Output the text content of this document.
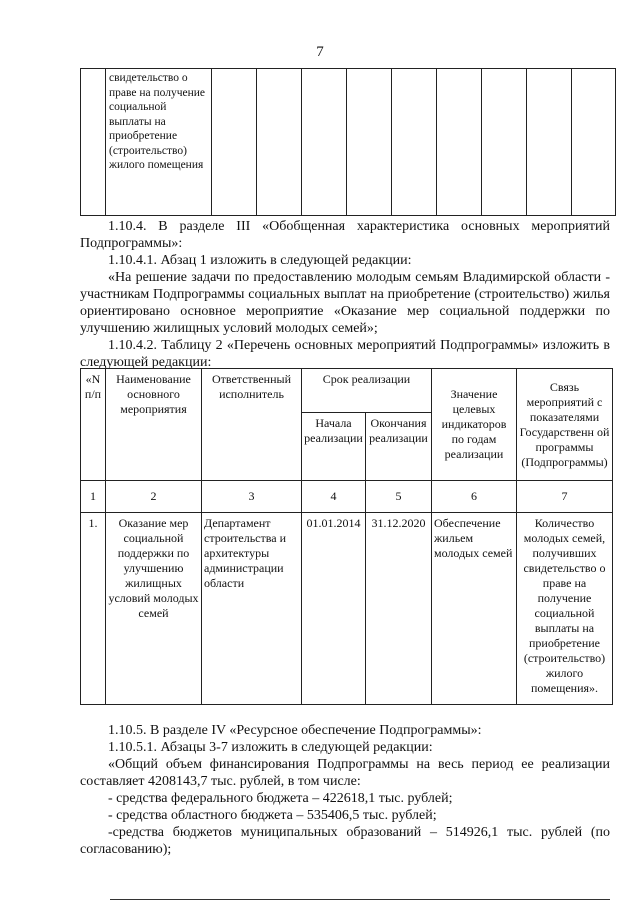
7

свидетельство о праве на получение социальной выплаты на приобретение (строительство) жилого помещения

1.10.4. В разделе III «Обобщенная характеристика основных мероприятий Подпрограммы»:

1.10.4.1. Абзац 1 изложить в следующей редакции:

«На решение задачи по предоставлению молодым семьям Владимирской области - участникам Подпрограммы социальных выплат на приобретение (строительство) жилья ориентировано основное мероприятие «Оказание мер социальной поддержки по улучшению жилищных условий молодых семей»;

1.10.4.2. Таблицу 2 «Перечень основных мероприятий Подпрограммы» изложить в следующей редакции:

«N п/п	Наименование основного мероприятия	Ответственный исполнитель	Срок реализации		Значение целевых индикаторов по годам реализации	Связь мероприятий с показателями Государственн ой программы (Подпрограммы)
			Начала реализации	Окончания реализации		
1	2	3	4	5	6	7
1.	Оказание мер социальной поддержки по улучшению жилищных условий молодых семей	Департамент строительства и архитектуры администрации области	01.01.2014	31.12.2020	Обеспечение жильем молодых семей	Количество молодых семей, получивших свидетельство о праве на получение социальной выплаты на приобретение (строительство) жилого помещения».

1.10.5. В разделе IV «Ресурсное обеспечение Подпрограммы»:

1.10.5.1. Абзацы 3-7 изложить в следующей редакции:

«Общий объем финансирования Подпрограммы на весь период ее реализации составляет 4208143,7 тыс. рублей, в том числе:

- средства федерального бюджета – 422618,1 тыс. рублей;

- средства областного бюджета – 535406,5 тыс. рублей;

-средства бюджетов муниципальных образований – 514926,1 тыс. рублей (по согласованию);
